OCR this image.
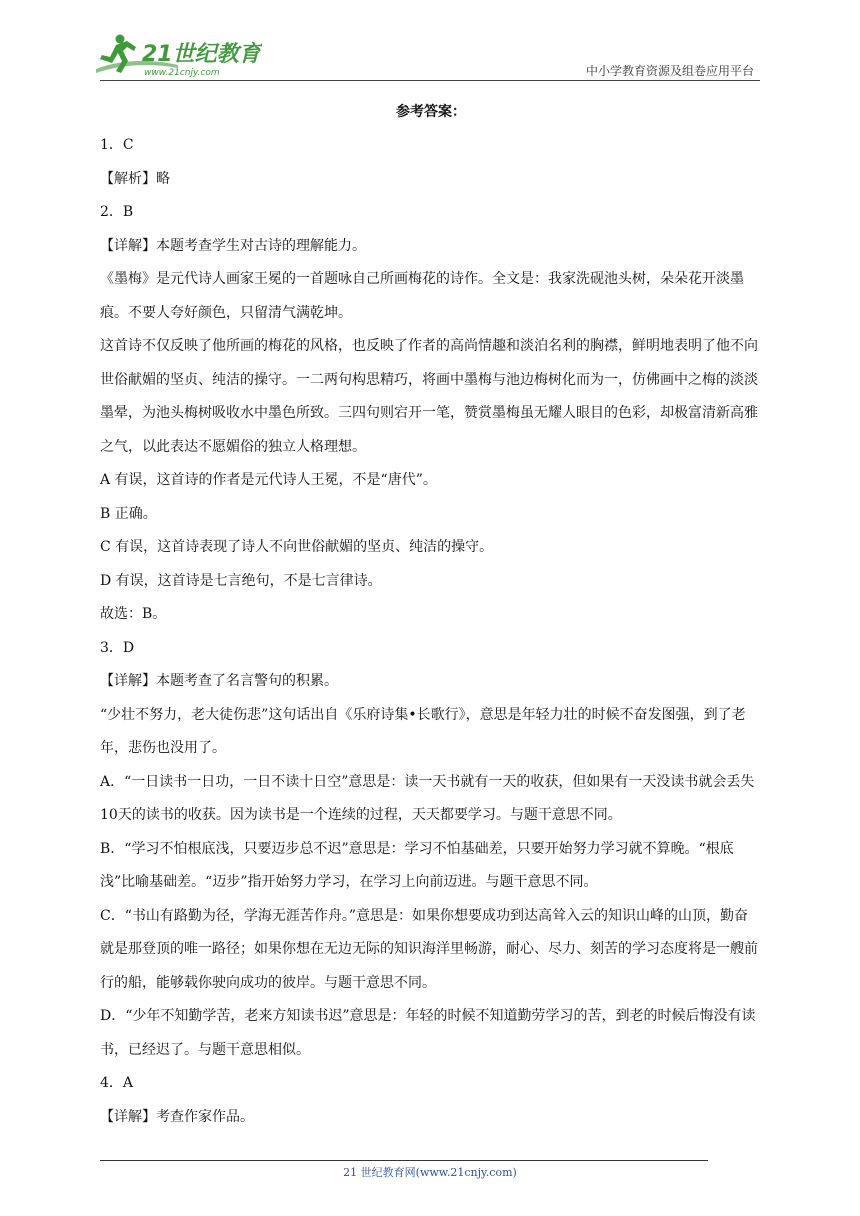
21世纪教育
www.21cnjy.com	中小学教育资源及组卷应用平台

参考答案：

1．C

【解析】略

2．B

【详解】本题考查学生对古诗的理解能力。

《墨梅》是元代诗人画家王冕的一首题咏自己所画梅花的诗作。全文是：我家洗砚池头树，朵朵花开淡墨痕。不要人夸好颜色，只留清气满乾坤。

这首诗不仅反映了他所画的梅花的风格，也反映了作者的高尚情趣和淡泊名利的胸襟，鲜明地表明了他不向世俗献媚的坚贞、纯洁的操守。一二两句构思精巧，将画中墨梅与池边梅树化而为一，仿佛画中之梅的淡淡墨晕，为池头梅树吸收水中墨色所致。三四句则宕开一笔，赞赏墨梅虽无耀人眼目的色彩，却极富清新高雅之气，以此表达不愿媚俗的独立人格理想。

A 有误，这首诗的作者是元代诗人王冕，不是“唐代”。

B 正确。

C 有误，这首诗表现了诗人不向世俗献媚的坚贞、纯洁的操守。

D 有误，这首诗是七言绝句，不是七言律诗。

故选：B。

3．D

【详解】本题考查了名言警句的积累。

“少壮不努力，老大徒伤悲”这句话出自《乐府诗集•长歌行》，意思是年轻力壮的时候不奋发图强，到了老年，悲伤也没用了。

A．“一日读书一日功，一日不读十日空”意思是：读一天书就有一天的收获，但如果有一天没读书就会丢失10天的读书的收获。因为读书是一个连续的过程，天天都要学习。与题干意思不同。

B．“学习不怕根底浅，只要迈步总不迟”意思是：学习不怕基础差，只要开始努力学习就不算晚。“根底浅”比喻基础差。“迈步”指开始努力学习，在学习上向前迈进。与题干意思不同。

C．“书山有路勤为径，学海无涯苦作舟。”意思是：如果你想要成功到达高耸入云的知识山峰的山顶，勤奋就是那登顶的唯一路径；如果你想在无边无际的知识海洋里畅游，耐心、尽力、刻苦的学习态度将是一艘前行的船，能够载你驶向成功的彼岸。与题干意思不同。

D．“少年不知勤学苦，老来方知读书迟”意思是：年轻的时候不知道勤劳学习的苦，到老的时候后悔没有读书，已经迟了。与题干意思相似。

4．A

【详解】考查作家作品。

21 世纪教育网(www.21cnjy.com)
